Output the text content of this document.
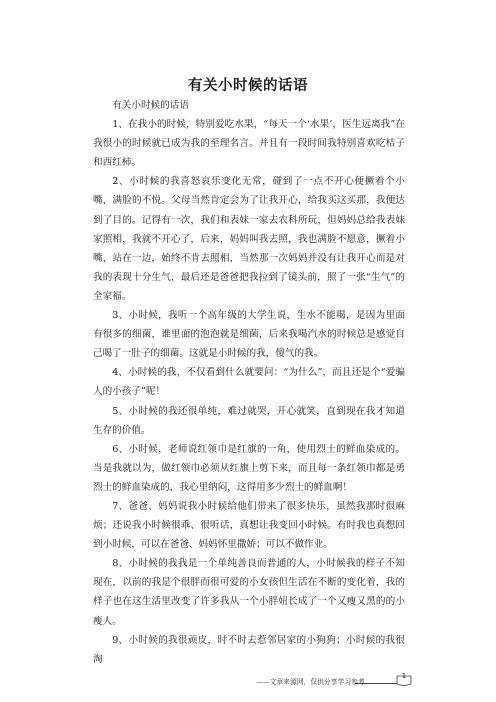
有关小时候的话语

有关小时候的话语

1、在我小的时候，特别爱吃水果，“每天一个‘水果’，医生远离我”在我很小的时候就已成为我的至理名言。并且有一段时间我特别喜欢吃桔子和西红柿。

2、小时候的我喜怒哀乐变化无常，碰到了一点不开心便撅着个小嘴，满脸的不悦。父母当然肯定会为了让我开心，给我买这买那，我便达到了目的。记得有一次，我们和表妹一家去农科所玩，但妈妈总给我表妹家照相，我就不开心了，后来，妈妈叫我去照，我也满脸不愿意，撅着小嘴，站在一边，始终不肯去照相，当然那一次妈妈并没有让我开心而是对我的表现十分生气，最后还是爸爸把我拉到了镜头前，照了一张“生气”的全家福。

3、小时候，我听一个高年级的大学生说，生水不能喝，是因为里面有很多的细菌，谁里面的泡泡就是细菌，后来我喝汽水的时候总是感觉自己喝了一肚子的细菌。这就是小时候的我，傻气的我。

4、小时候的我，不仅看到什么就要问：“为什么”，而且还是个“爱骗人的小孩子”呢！

5、小时候的我还很单纯，难过就哭，开心就笑，直到现在我才知道生存的价值。

6、小时候，老师说红领巾是红旗的一角，使用烈士的鲜血染成的。当是我就以为，做红领巾必须从红旗上剪下来，而且每一条红领巾都是勇烈士的鲜血染成的，我心里纳闷，这得用多少烈士的鲜血啊！

7、爸爸、妈妈说我小时候给他们带来了很多快乐，虽然我那时很麻烦；还说我小时候很乖、很听话，真想让我变回小时候。有时我也真想回到小时候，可以在爸爸、妈妈怀里撒娇；可以不做作业。

8、小时候的我我是一个单纯善良而普通的人，小时候我的样子不知现在，以前的我是个很胖而很可爱的小女孩但生活在不断的变化着，我的样子也在这生活里改变了许多我从一个小胖妞长成了一个又瘦又黑的的小瘦人。

9、小时候的我很顽皮，时不时去惹邻居家的小狗狗；小时候的我很淘

——文章来源网，仅供分享学习参考
1
